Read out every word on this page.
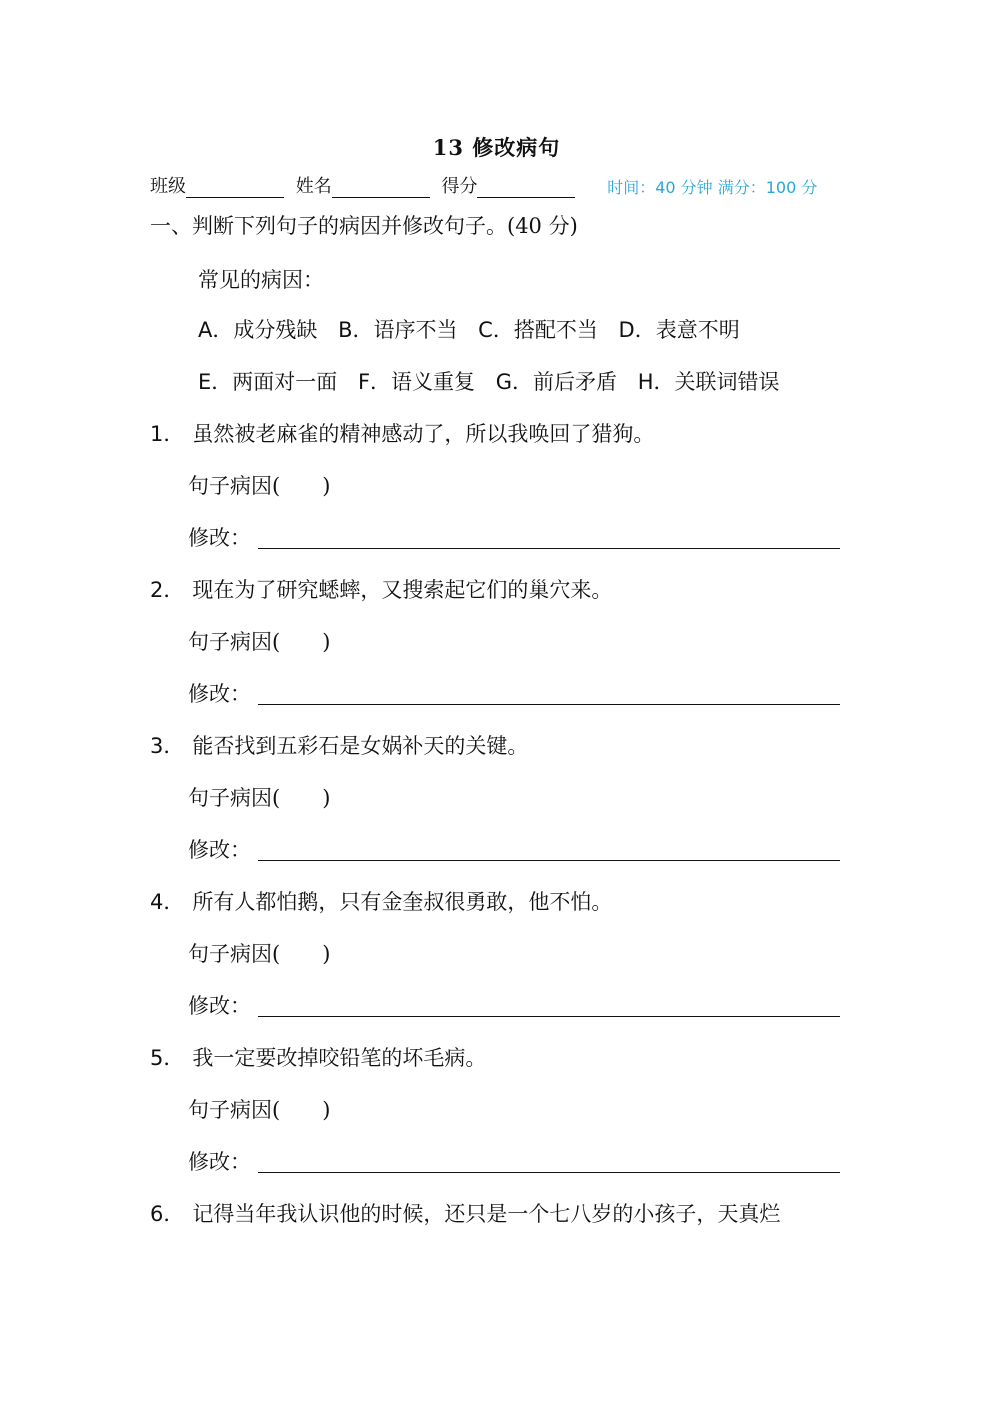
13 修改病句
班级	姓名	得分	时间：40 分钟 满分：100 分
一、判断下列句子的病因并修改句子。(40 分)
常见的病因：
A．成分残缺 B．语序不当 C．搭配不当 D．表意不明
E．两面对一面 F．语义重复 G．前后矛盾 H．关联词错误
1． 虽然被老麻雀的精神感动了，所以我唤回了猎狗。
句子病因(　　)
修改：
2． 现在为了研究蟋蟀，又搜索起它们的巢穴来。
句子病因(　　)
修改：
3． 能否找到五彩石是女娲补天的关键。
句子病因(　　)
修改：
4． 所有人都怕鹅，只有金奎叔很勇敢，他不怕。
句子病因(　　)
修改：
5． 我一定要改掉咬铅笔的坏毛病。
句子病因(　　)
修改：
6． 记得当年我认识他的时候，还只是一个七八岁的小孩子，天真烂
